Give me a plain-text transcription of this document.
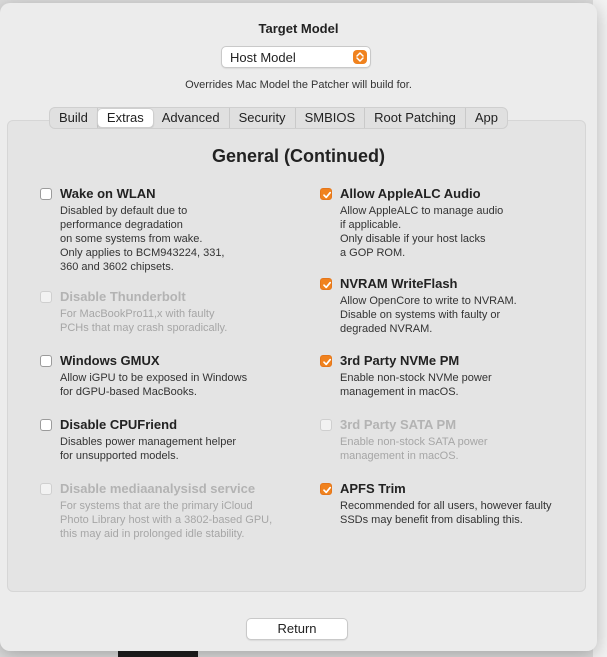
Target Model
Host Model
Overrides Mac Model the Patcher will build for.
Build	Extras	Advanced	Security	SMBIOS	Root Patching	App
General (Continued)
Wake on WLAN
Disabled by default due to
performance degradation
on some systems from wake.
Only applies to BCM943224, 331,
360 and 3602 chipsets.
Disable Thunderbolt
For MacBookPro11,x with faulty
PCHs that may crash sporadically.
Windows GMUX
Allow iGPU to be exposed in Windows
for dGPU-based MacBooks.
Disable CPUFriend
Disables power management helper
for unsupported models.
Disable mediaanalysisd service
For systems that are the primary iCloud
Photo Library host with a 3802-based GPU,
this may aid in prolonged idle stability.
Allow AppleALC Audio
Allow AppleALC to manage audio
if applicable.
Only disable if your host lacks
a GOP ROM.
NVRAM WriteFlash
Allow OpenCore to write to NVRAM.
Disable on systems with faulty or
degraded NVRAM.
3rd Party NVMe PM
Enable non-stock NVMe power
management in macOS.
3rd Party SATA PM
Enable non-stock SATA power
management in macOS.
APFS Trim
Recommended for all users, however faulty
SSDs may benefit from disabling this.
Return
